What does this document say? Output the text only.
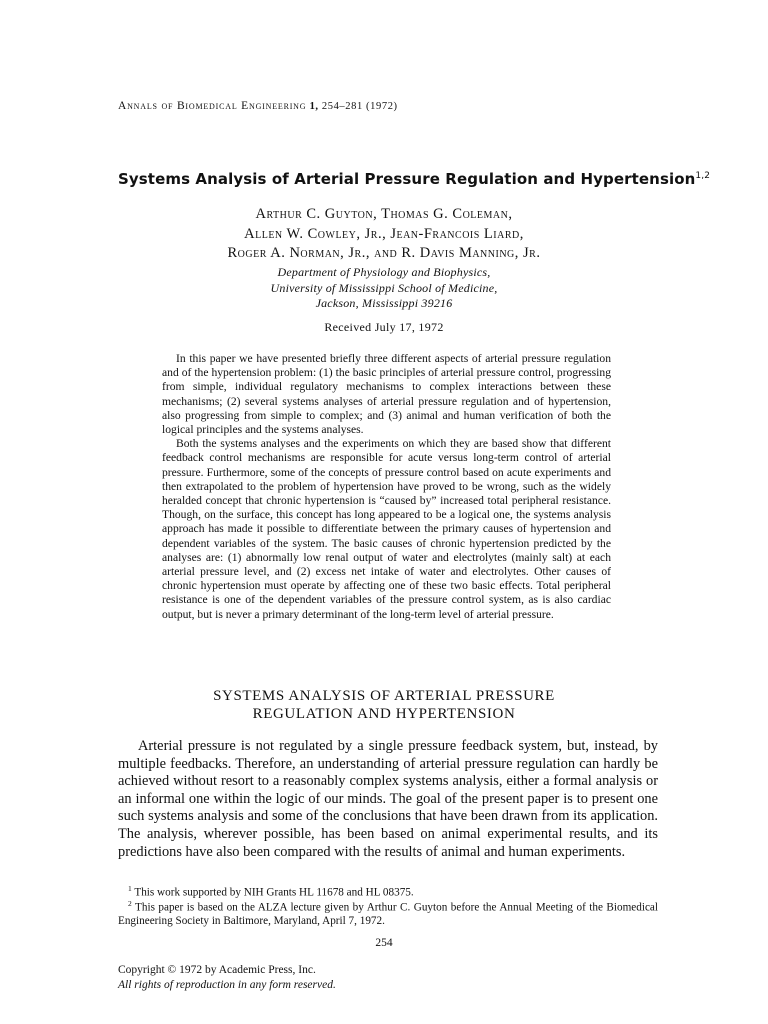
Annals of Biomedical Engineering 1, 254–281 (1972)
Systems Analysis of Arterial Pressure Regulation and Hypertension$^{1,2}$
Arthur C. Guyton, Thomas G. Coleman,
Allen W. Cowley, Jr., Jean-Francois Liard,
Roger A. Norman, Jr., and R. Davis Manning, Jr.
Department of Physiology and Biophysics,
University of Mississippi School of Medicine,
Jackson, Mississippi 39216
Received July 17, 1972

In this paper we have presented briefly three different aspects of arterial pressure regulation and of the hypertension problem: (1) the basic principles of arterial pressure control, progressing from simple, individual regulatory mechanisms to complex interactions between these mechanisms; (2) several systems analyses of arterial pressure regulation and of hypertension, also progressing from simple to complex; and (3) animal and human verification of both the logical principles and the systems analyses.

Both the systems analyses and the experiments on which they are based show that different feedback control mechanisms are responsible for acute versus long-term control of arterial pressure. Furthermore, some of the concepts of pressure control based on acute experiments and then extrapolated to the problem of hypertension have proved to be wrong, such as the widely heralded concept that chronic hypertension is “caused by” increased total peripheral resistance. Though, on the surface, this concept has long appeared to be a logical one, the systems analysis approach has made it possible to differentiate between the primary causes of hypertension and dependent variables of the system. The basic causes of chronic hypertension predicted by the analyses are: (1) abnormally low renal output of water and electrolytes (mainly salt) at each arterial pressure level, and (2) excess net intake of water and electrolytes. Other causes of chronic hypertension must operate by affecting one of these two basic effects. Total peripheral resistance is one of the dependent variables of the pressure control system, as is also cardiac output, but is never a primary determinant of the long-term level of arterial pressure.

SYSTEMS ANALYSIS OF ARTERIAL PRESSURE
REGULATION AND HYPERTENSION

Arterial pressure is not regulated by a single pressure feedback system, but, instead, by multiple feedbacks. Therefore, an understanding of arterial pressure regulation can hardly be achieved without resort to a reasonably complex systems analysis, either a formal analysis or an informal one within the logic of our minds. The goal of the present paper is to present one such systems analysis and some of the conclusions that have been drawn from its application. The analysis, wherever possible, has been based on animal experimental results, and its predictions have also been compared with the results of animal and human experiments.

$^1$ This work supported by NIH Grants HL 11678 and HL 08375.

$^2$ This paper is based on the ALZA lecture given by Arthur C. Guyton before the Annual Meeting of the Biomedical Engineering Society in Baltimore, Maryland, April 7, 1972.

254
Copyright © 1972 by Academic Press, Inc.
All rights of reproduction in any form reserved.
